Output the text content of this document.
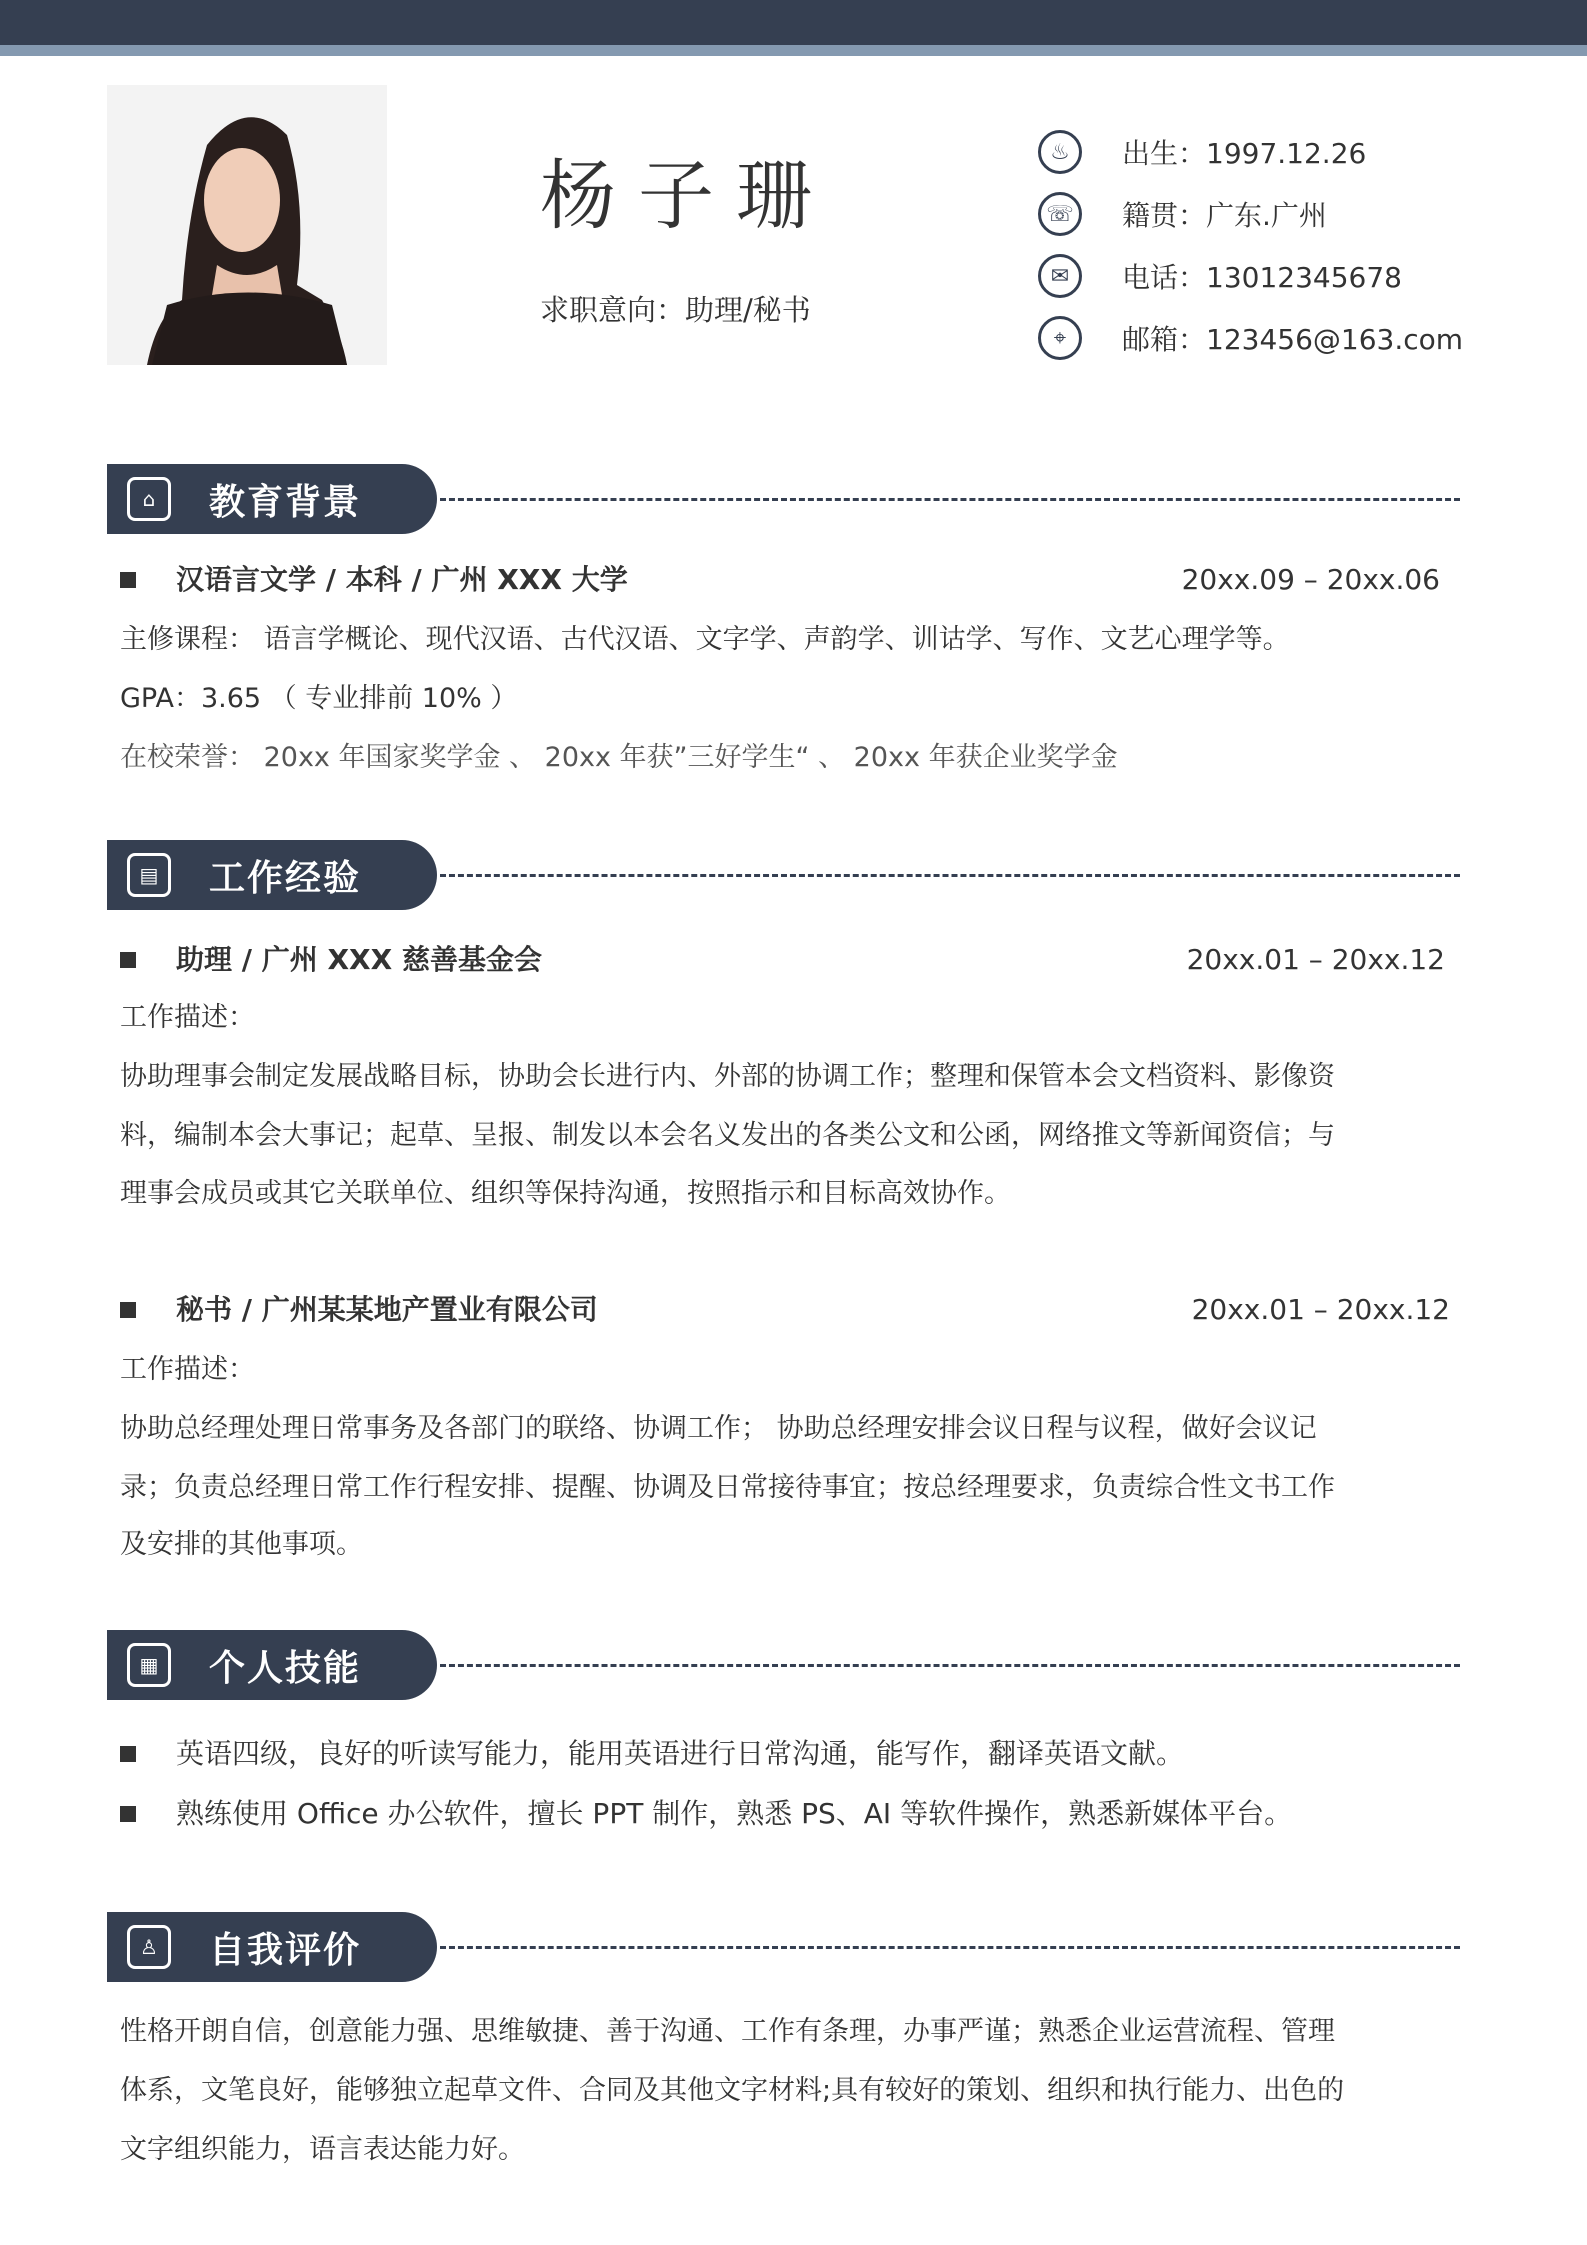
杨子珊
求职意向：助理/秘书
♨	出生：1997.12.26
☏ 籍贯：广东.广州
✉	电话：13012345678
⌖	邮箱：123456@163.com
⌂	教育背景
汉语言文学 / 本科 / 广州 XXX 大学	20xx.09 – 20xx.06
主修课程： 语言学概论、现代汉语、古代汉语、文字学、声韵学、训诂学、写作、文艺心理学等。
GPA：3.65 （ 专业排前 10% ）
在校荣誉： 20xx 年国家奖学金 、 20xx 年获”三好学生“ 、 20xx 年获企业奖学金
▤	工作经验
助理 / 广州 XXX 慈善基金会	20xx.01 – 20xx.12
工作描述：
协助理事会制定发展战略目标，协助会长进行内、外部的协调工作；整理和保管本会文档资料、影像资
料，编制本会大事记；起草、呈报、制发以本会名义发出的各类公文和公函，网络推文等新闻资信；与
理事会成员或其它关联单位、组织等保持沟通，按照指示和目标高效协作。
秘书 / 广州某某地产置业有限公司	20xx.01 – 20xx.12
工作描述：
协助总经理处理日常事务及各部门的联络、协调工作； 协助总经理安排会议日程与议程，做好会议记
录；负责总经理日常工作行程安排、提醒、协调及日常接待事宜；按总经理要求，负责综合性文书工作
及安排的其他事项。
▦	个人技能
英语四级，良好的听读写能力，能用英语进行日常沟通，能写作，翻译英语文献。
熟练使用 Office 办公软件，擅长 PPT 制作，熟悉 PS、AI 等软件操作，熟悉新媒体平台。
♙	自我评价
性格开朗自信，创意能力强、思维敏捷、善于沟通、工作有条理，办事严谨；熟悉企业运营流程、管理
体系，文笔良好，能够独立起草文件、合同及其他文字材料;具有较好的策划、组织和执行能力、出色的
文字组织能力，语言表达能力好。
